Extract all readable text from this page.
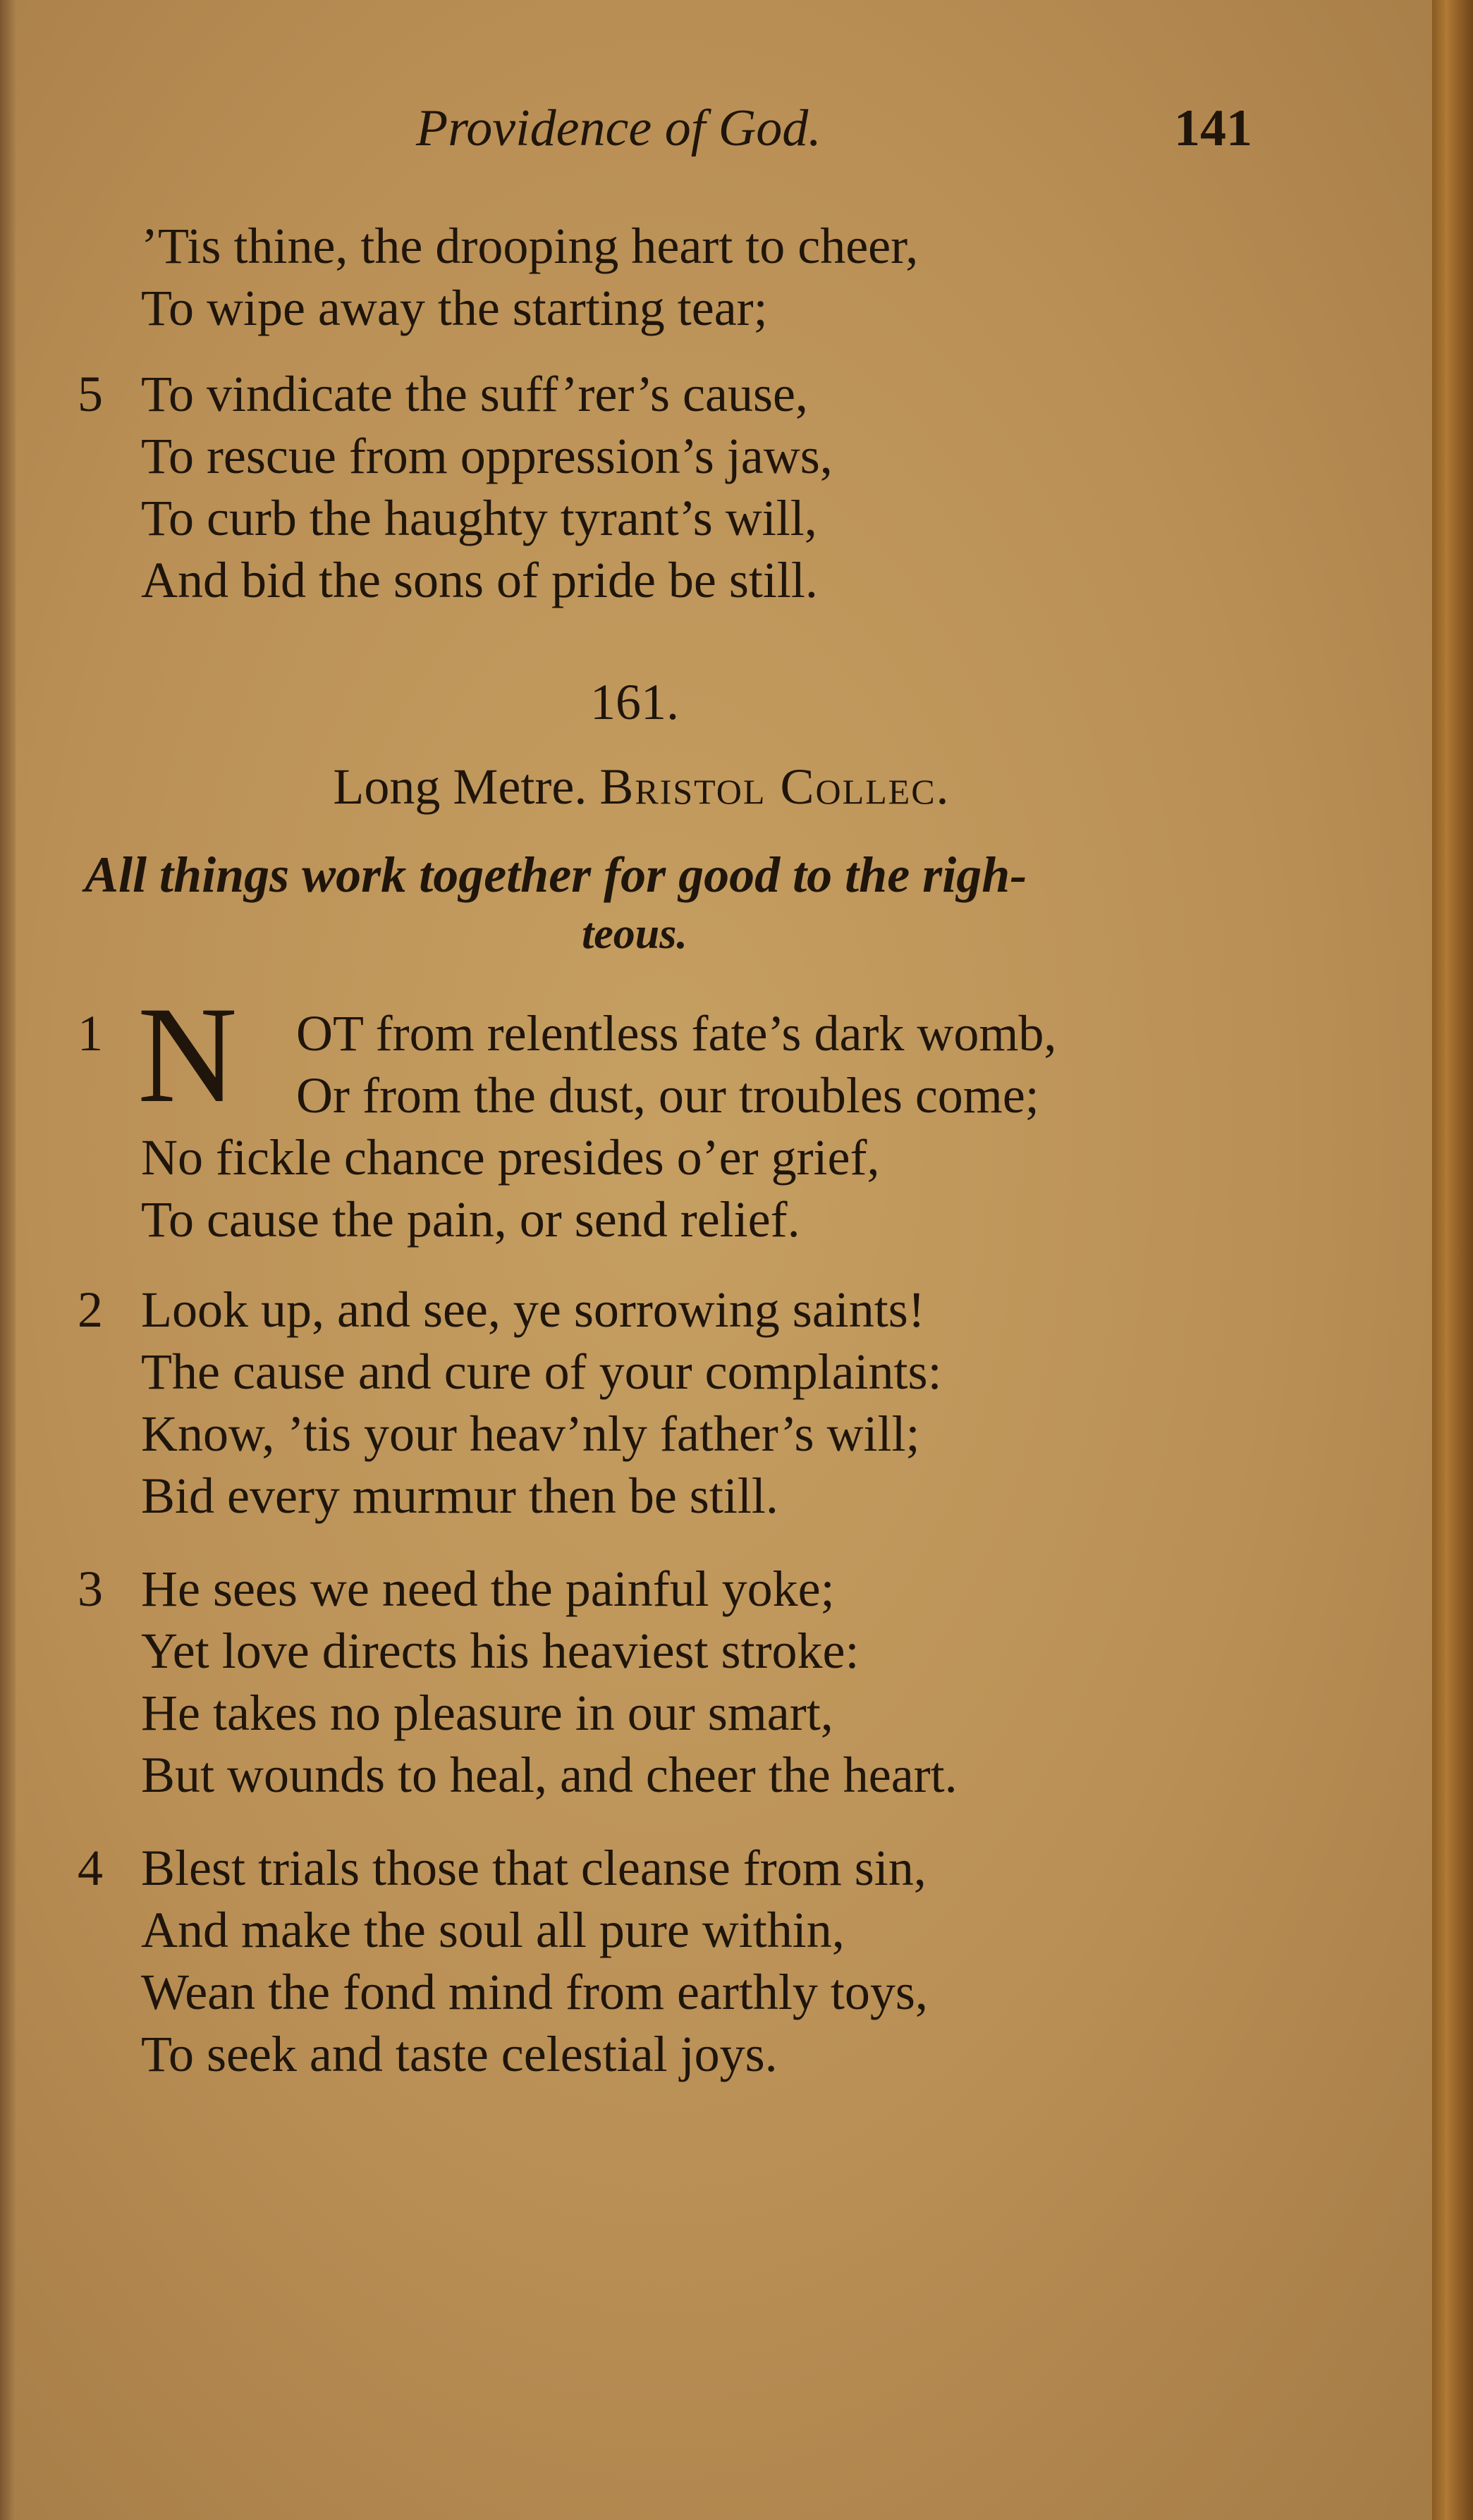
Providence of God.	141
’Tis thine, the drooping heart to cheer,
To wipe away the starting tear;
5 To vindicate the suff’rer’s cause,
To rescue from oppression’s jaws,
To curb the haughty tyrant’s will,
And bid the sons of pride be still.
161.
Long Metre. Bristol Collec.
All things work together for good to the righ-
teous.
1 N OT from relentless fate’s dark womb,
Or from the dust, our troubles come;
No fickle chance presides o’er grief,
To cause the pain, or send relief.
2 Look up, and see, ye sorrowing saints!
The cause and cure of your complaints:
Know, ’tis your heav’nly father’s will;
Bid every murmur then be still.
3 He sees we need the painful yoke;
Yet love directs his heaviest stroke:
He takes no pleasure in our smart,
But wounds to heal, and cheer the heart.
4 Blest trials those that cleanse from sin,
And make the soul all pure within,
Wean the fond mind from earthly toys,
To seek and taste celestial joys.
